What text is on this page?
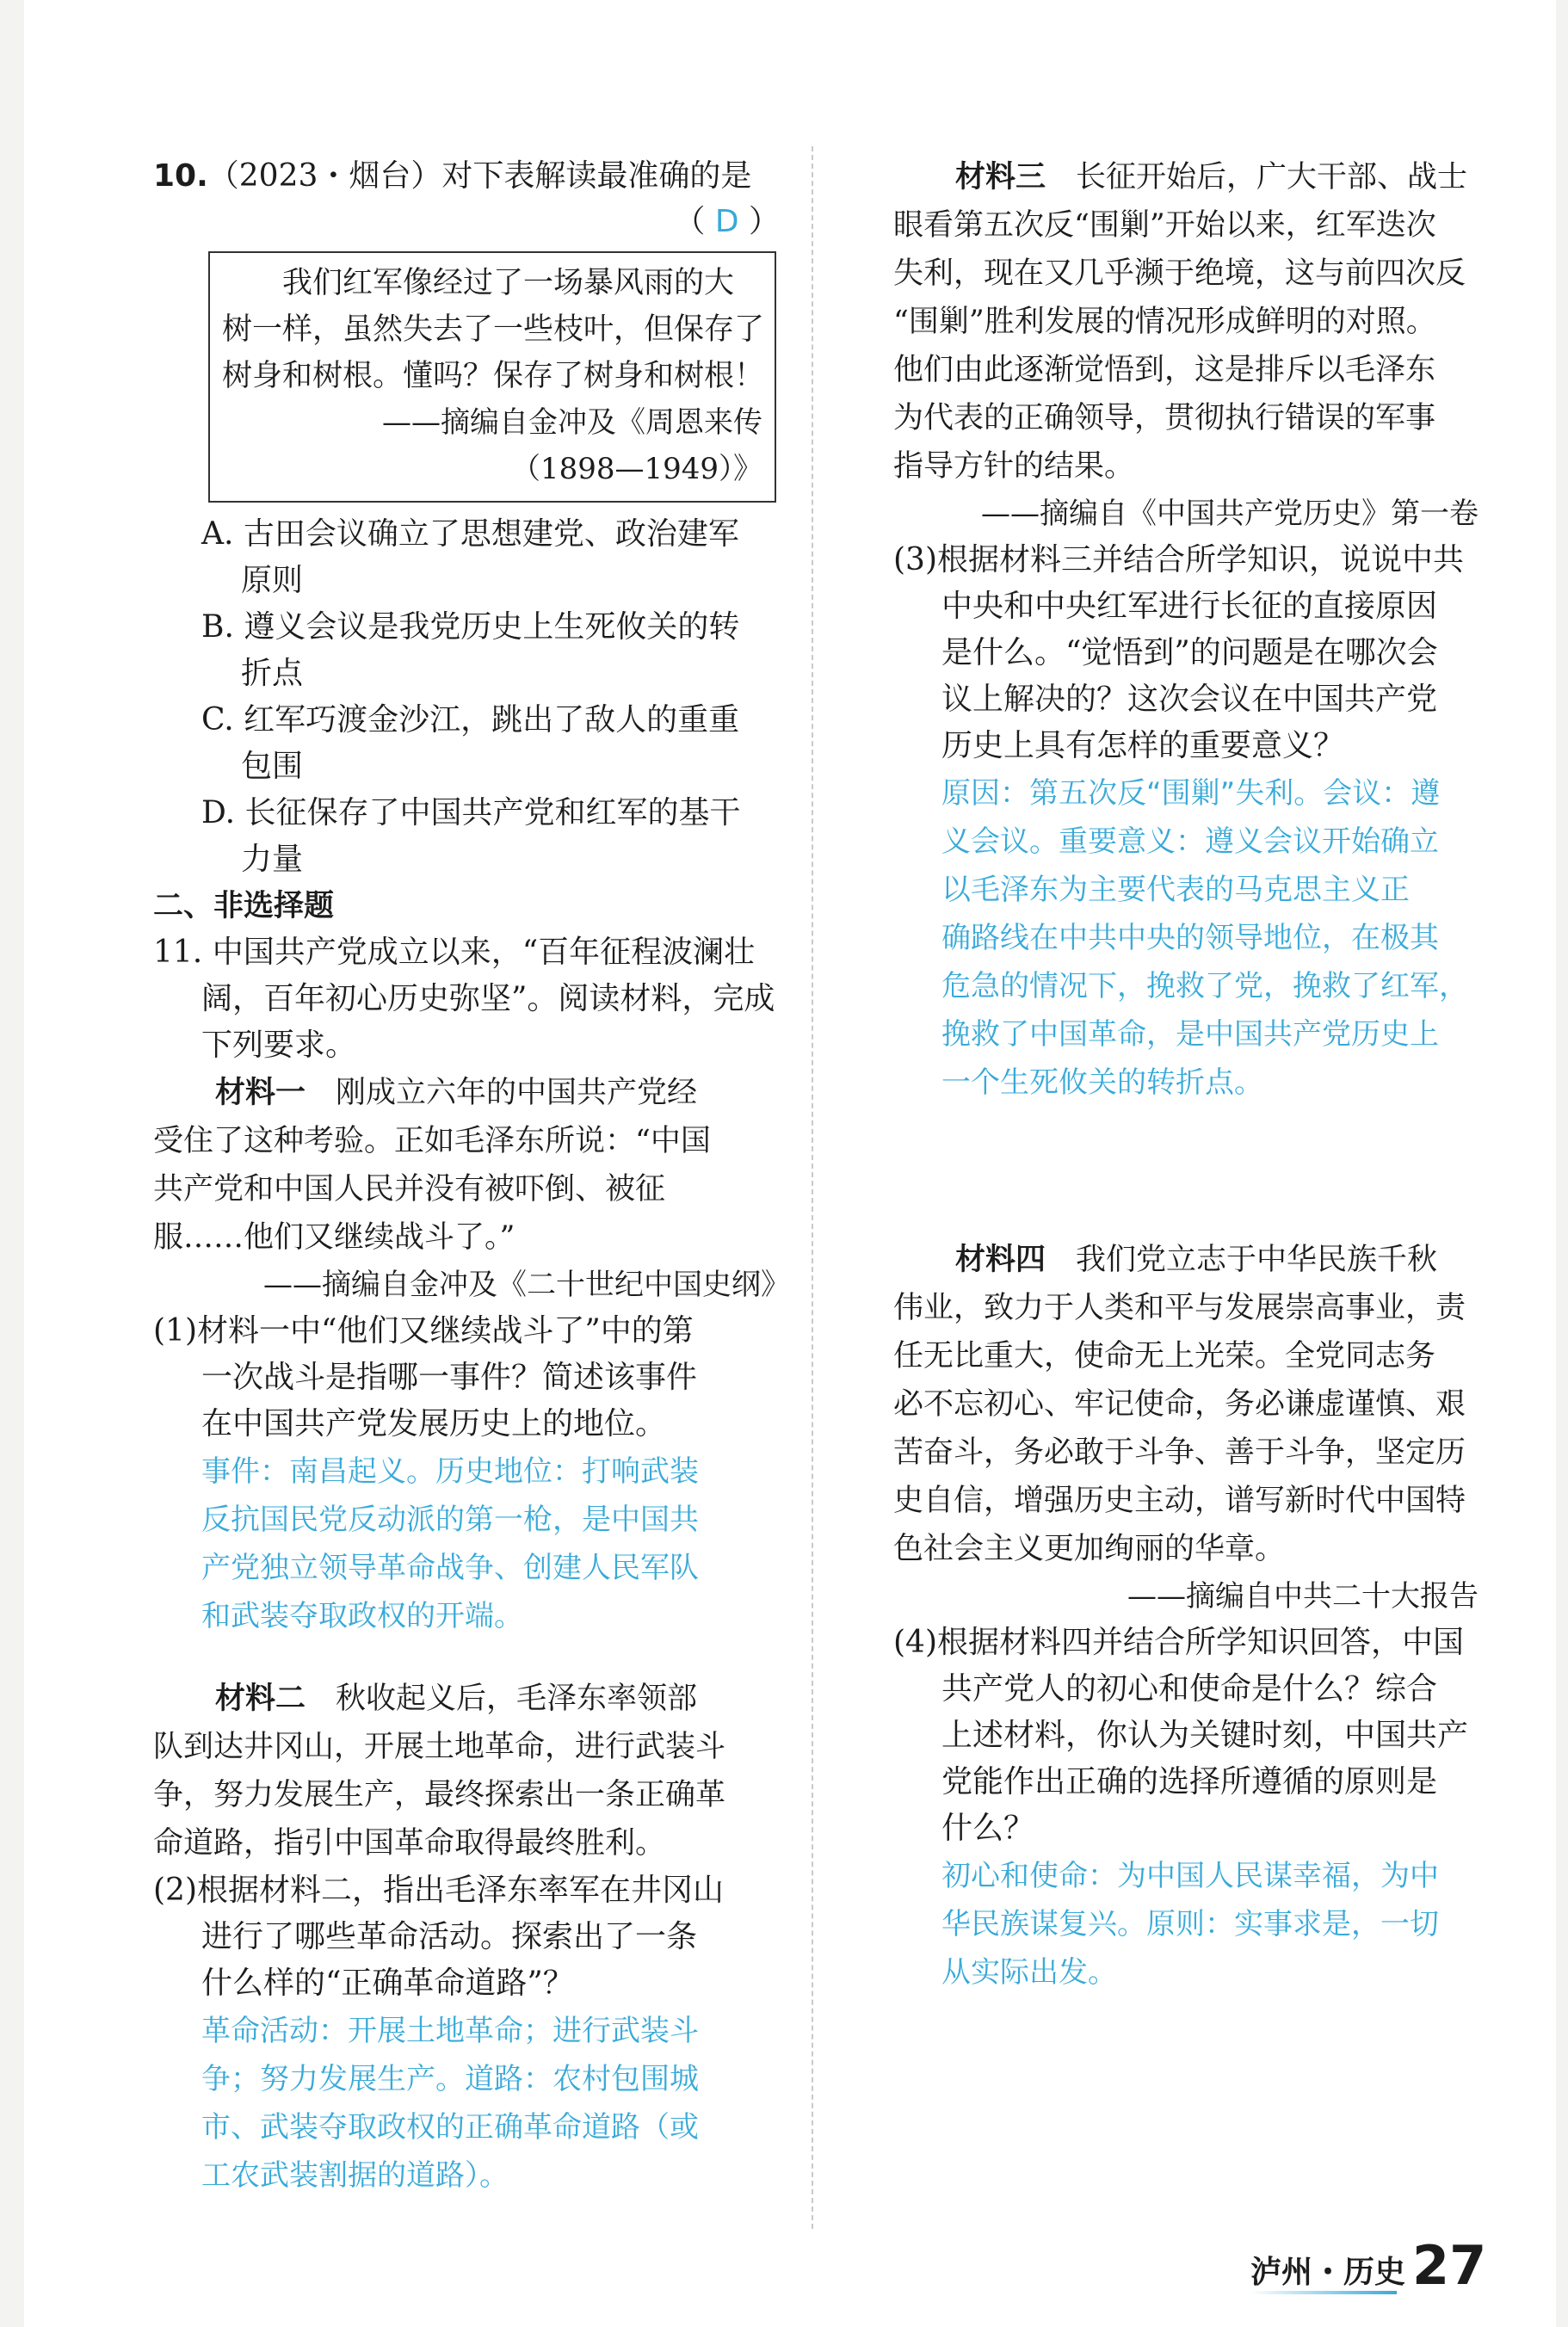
10.（2023・烟台）对下表解读最准确的是
（ D ）
　　我们红军像经过了一场暴风雨的大
树一样，虽然失去了一些枝叶，但保存了
树身和树根。懂吗？保存了树身和树根！
——摘编自金冲及《周恩来传
（1898—1949）》
A. 古田会议确立了思想建党、政治建军
原则
B. 遵义会议是我党历史上生死攸关的转
折点
C. 红军巧渡金沙江，跳出了敌人的重重
包围
D. 长征保存了中国共产党和红军的基干
力量
二、非选择题
11. 中国共产党成立以来，“百年征程波澜壮
阔，百年初心历史弥坚”。阅读材料，完成
下列要求。
材料一　刚成立六年的中国共产党经
受住了这种考验。正如毛泽东所说：“中国
共产党和中国人民并没有被吓倒、被征
服……他们又继续战斗了。”
——摘编自金冲及《二十世纪中国史纲》
(1)材料一中“他们又继续战斗了”中的第
一次战斗是指哪一事件？简述该事件
在中国共产党发展历史上的地位。
事件：南昌起义。历史地位：打响武装
反抗国民党反动派的第一枪，是中国共
产党独立领导革命战争、创建人民军队
和武装夺取政权的开端。
材料二　秋收起义后，毛泽东率领部
队到达井冈山，开展土地革命，进行武装斗
争，努力发展生产，最终探索出一条正确革
命道路，指引中国革命取得最终胜利。
(2)根据材料二，指出毛泽东率军在井冈山
进行了哪些革命活动。探索出了一条
什么样的“正确革命道路”？
革命活动：开展土地革命；进行武装斗
争；努力发展生产。道路：农村包围城
市、武装夺取政权的正确革命道路（或
工农武装割据的道路）。
材料三　长征开始后，广大干部、战士
眼看第五次反“围剿”开始以来，红军迭次
失利，现在又几乎濒于绝境，这与前四次反
“围剿”胜利发展的情况形成鲜明的对照。
他们由此逐渐觉悟到，这是排斥以毛泽东
为代表的正确领导，贯彻执行错误的军事
指导方针的结果。
——摘编自《中国共产党历史》第一卷
(3)根据材料三并结合所学知识，说说中共
中央和中央红军进行长征的直接原因
是什么。“觉悟到”的问题是在哪次会
议上解决的？这次会议在中国共产党
历史上具有怎样的重要意义？
原因：第五次反“围剿”失利。会议：遵
义会议。重要意义：遵义会议开始确立
以毛泽东为主要代表的马克思主义正
确路线在中共中央的领导地位，在极其
危急的情况下，挽救了党，挽救了红军，
挽救了中国革命，是中国共产党历史上
一个生死攸关的转折点。
材料四　我们党立志于中华民族千秋
伟业，致力于人类和平与发展崇高事业，责
任无比重大，使命无上光荣。全党同志务
必不忘初心、牢记使命，务必谦虚谨慎、艰
苦奋斗，务必敢于斗争、善于斗争，坚定历
史自信，增强历史主动，谱写新时代中国特
色社会主义更加绚丽的华章。
——摘编自中共二十大报告
(4)根据材料四并结合所学知识回答，中国
共产党人的初心和使命是什么？综合
上述材料，你认为关键时刻，中国共产
党能作出正确的选择所遵循的原则是
什么？
初心和使命：为中国人民谋幸福，为中
华民族谋复兴。原则：实事求是，一切
从实际出发。
泸州・历史 27
